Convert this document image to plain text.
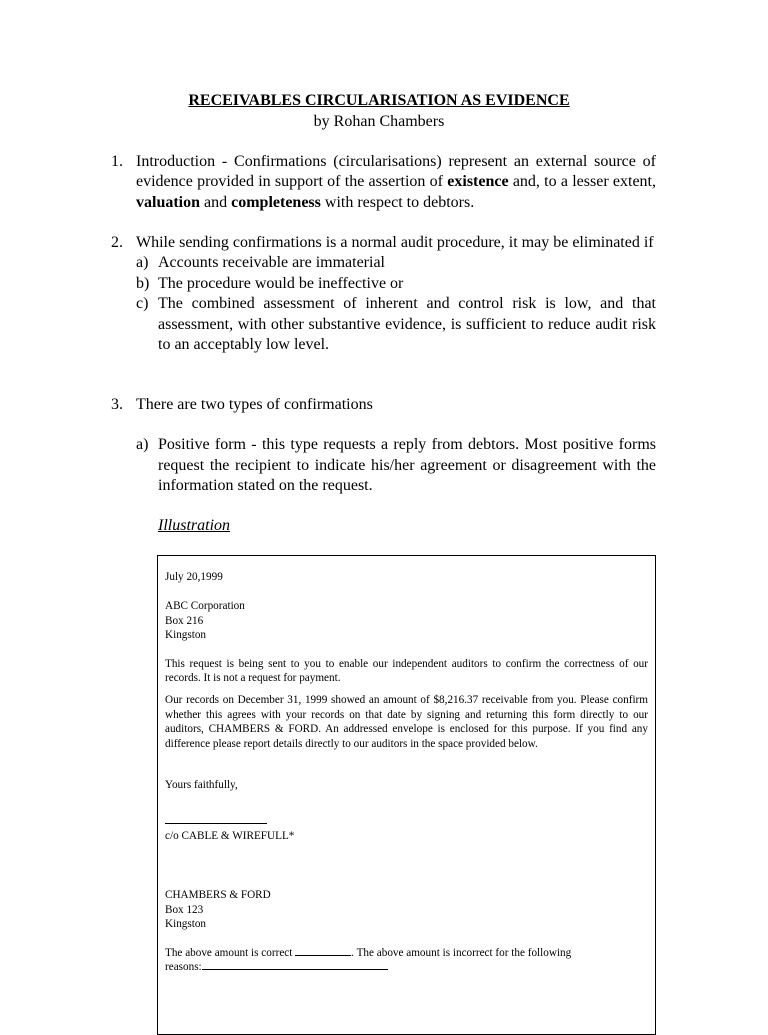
RECEIVABLES CIRCULARISATION AS EVIDENCE
by Rohan Chambers
1. Introduction - Confirmations (circularisations) represent an external source of evidence provided in support of the assertion of existence and, to a lesser extent, valuation and completeness with respect to debtors.
2. While sending confirmations is a normal audit procedure, it may be eliminated if
a) Accounts receivable are immaterial
b) The procedure would be ineffective or
c) The combined assessment of inherent and control risk is low, and that assessment, with other substantive evidence, is sufficient to reduce audit risk to an acceptably low level.
3. There are two types of confirmations
a) Positive form - this type requests a reply from debtors. Most positive forms request the recipient to indicate his/her agreement or disagreement with the information stated on the request.
Illustration

July 20,1999

ABC Corporation

Box 216

Kingston

This request is being sent to you to enable our independent auditors to confirm the correctness of our records. It is not a request for payment.

Our records on December 31, 1999 showed an amount of $8,216.37 receivable from you. Please confirm whether this agrees with your records on that date by signing and returning this form directly to our auditors, CHAMBERS & FORD. An addressed envelope is enclosed for this purpose. If you find any difference please report details directly to our auditors in the space provided below.

Yours faithfully,

c/o CABLE & WIREFULL*

CHAMBERS & FORD

Box 123

Kingston

The above amount is correct	. The above amount is incorrect for the following

reasons:
